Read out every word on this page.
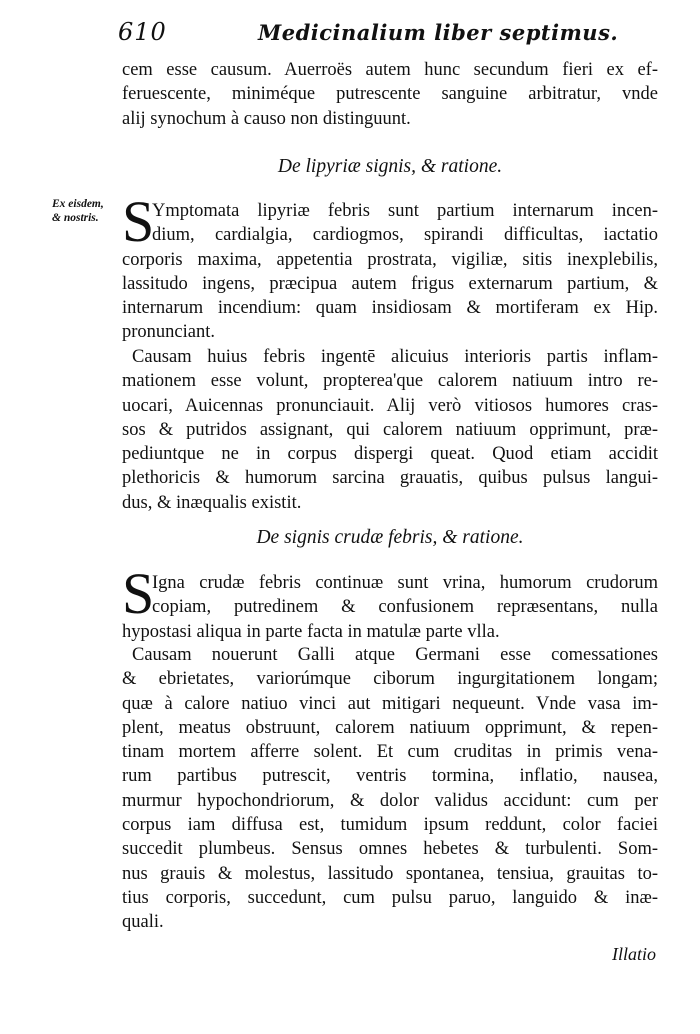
610	Medicinalium liber septimus.
cem esse causum. Auerroës autem hunc secundum fieri ex ef-
feruescente, miniméque putrescente sanguine arbitratur, vnde
alij synochum à causo non distinguunt.
De lipyriæ signis, & ratione.
Ex eisdem,
& nostris. S
Ymptomata lipyriæ febris sunt partium internarum incen-
dium, cardialgia, cardiogmos, spirandi difficultas, iactatio
corporis maxima, appetentia prostrata, vigiliæ, sitis inexplebilis,
lassitudo ingens, præcipua autem frigus externarum partium, &
internarum incendium: quam insidiosam & mortiferam ex Hip.
pronunciant.
Causam huius febris ingentē alicuius interioris partis inflam-
mationem esse volunt, propterea'que calorem natiuum intro re-
uocari, Auicennas pronunciauit. Alij verò vitiosos humores cras-
sos & putridos assignant, qui calorem natiuum opprimunt, præ-
pediuntque ne in corpus dispergi queat. Quod etiam accidit
plethoricis & humorum sarcina grauatis, quibus pulsus langui-
dus, & inæqualis existit.
De signis crudæ febris, & ratione.
S
Igna crudæ febris continuæ sunt vrina, humorum crudorum
copiam, putredinem & confusionem repræsentans, nulla
hypostasi aliqua in parte facta in matulæ parte vlla.
Causam nouerunt Galli atque Germani esse comessationes
& ebrietates, variorúmque ciborum ingurgitationem longam;
quæ à calore natiuo vinci aut mitigari nequeunt. Vnde vasa im-
plent, meatus obstruunt, calorem natiuum opprimunt, & repen-
tinam mortem afferre solent. Et cum cruditas in primis vena-
rum partibus putrescit, ventris tormina, inflatio, nausea,
murmur hypochondriorum, & dolor validus accidunt: cum per
corpus iam diffusa est, tumidum ipsum reddunt, color faciei
succedit plumbeus. Sensus omnes hebetes & turbulenti. Som-
nus grauis & molestus, lassitudo spontanea, tensiua, grauitas to-
tius corporis, succedunt, cum pulsu paruo, languido & inæ-
quali.
Illatio
